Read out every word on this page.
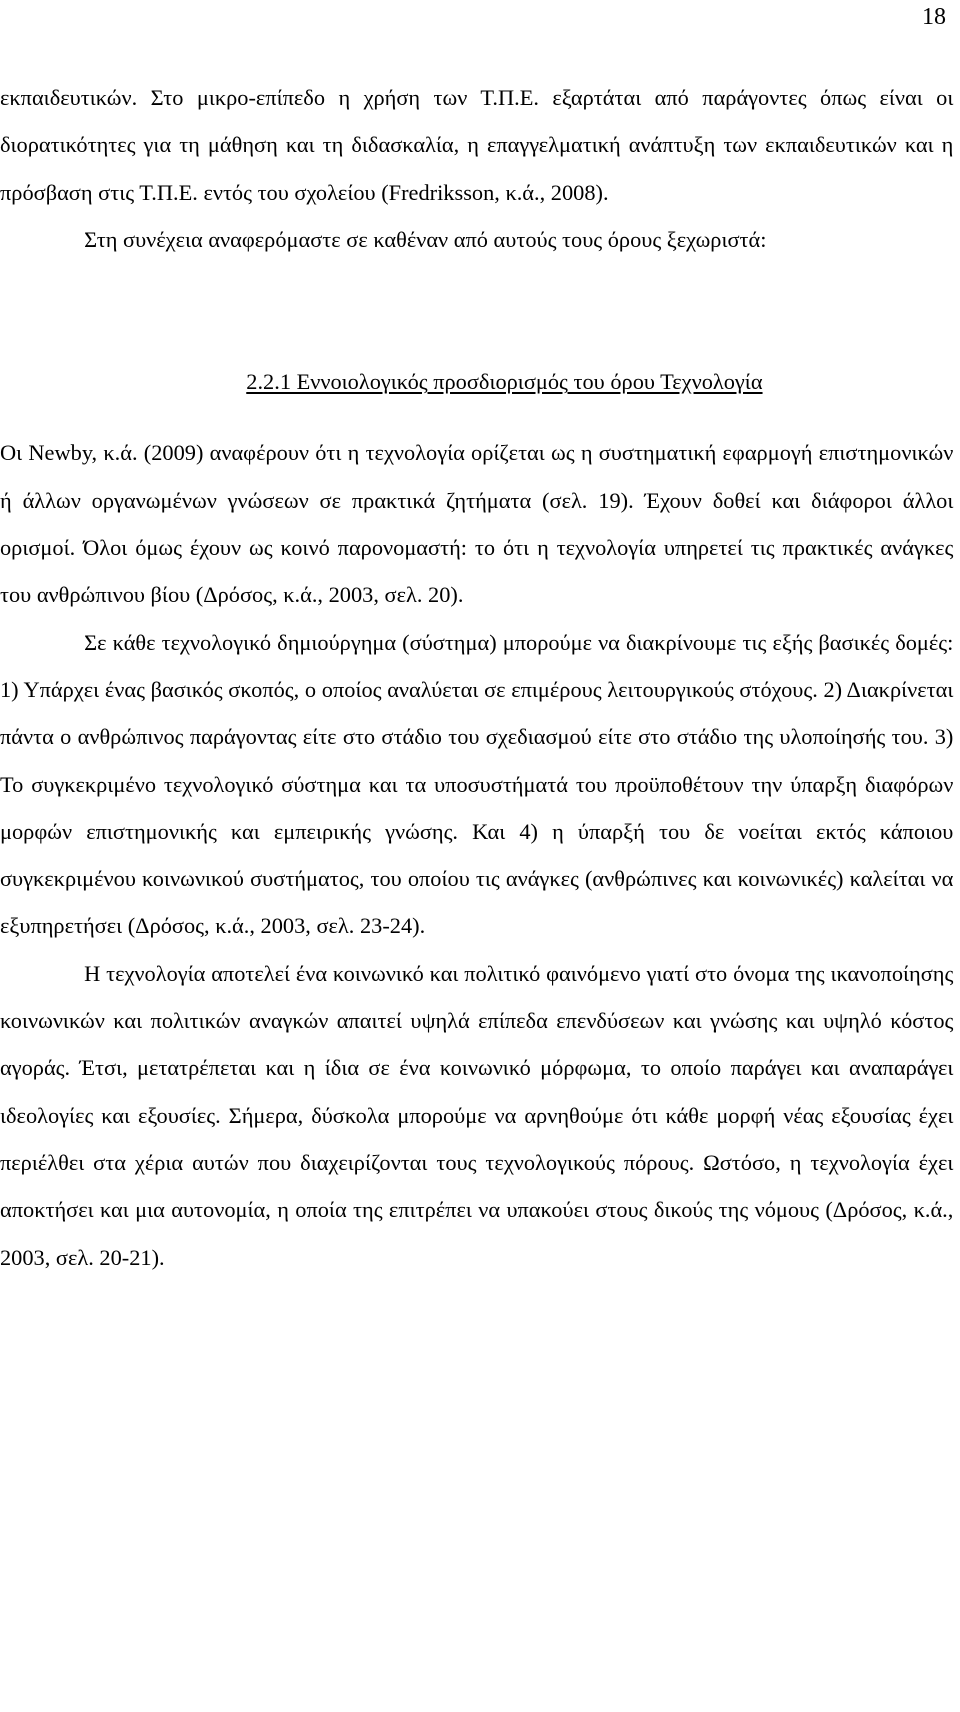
18

εκπαιδευτικών. Στο μικρο-επίπεδο η χρήση των Τ.Π.Ε. εξαρτάται από παράγοντες όπως είναι οι διορατικότητες για τη μάθηση και τη διδασκαλία, η επαγγελματική ανάπτυξη των εκπαιδευτικών και η πρόσβαση στις Τ.Π.Ε. εντός του σχολείου (Fredriksson, κ.ά., 2008).

Στη συνέχεια αναφερόμαστε σε καθέναν από αυτούς τους όρους ξεχωριστά:

2.2.1 Εννοιολογικός προσδιορισμός του όρου Τεχνολογία

Οι Newby, κ.ά. (2009) αναφέρουν ότι η τεχνολογία ορίζεται ως η συστηματική εφαρμογή επιστημονικών ή άλλων οργανωμένων γνώσεων σε πρακτικά ζητήματα (σελ. 19). Έχουν δοθεί και διάφοροι άλλοι ορισμοί. Όλοι όμως έχουν ως κοινό παρονομαστή: το ότι η τεχνολογία υπηρετεί τις πρακτικές ανάγκες του ανθρώπινου βίου (Δρόσος, κ.ά., 2003, σελ. 20).

Σε κάθε τεχνολογικό δημιούργημα (σύστημα) μπορούμε να διακρίνουμε τις εξής βασικές δομές: 1) Υπάρχει ένας βασικός σκοπός, ο οποίος αναλύεται σε επιμέρους λειτουργικούς στόχους. 2) Διακρίνεται πάντα ο ανθρώπινος παράγοντας είτε στο στάδιο του σχεδιασμού είτε στο στάδιο της υλοποίησής του. 3) Το συγκεκριμένο τεχνολογικό σύστημα και τα υποσυστήματά του προϋποθέτουν την ύπαρξη διαφόρων μορφών επιστημονικής και εμπειρικής γνώσης. Και 4) η ύπαρξή του δε νοείται εκτός κάποιου συγκεκριμένου κοινωνικού συστήματος, του οποίου τις ανάγκες (ανθρώπινες και κοινωνικές) καλείται να εξυπηρετήσει (Δρόσος, κ.ά., 2003, σελ. 23-24).

Η τεχνολογία αποτελεί ένα κοινωνικό και πολιτικό φαινόμενο γιατί στο όνομα της ικανοποίησης κοινωνικών και πολιτικών αναγκών απαιτεί υψηλά επίπεδα επενδύσεων και γνώσης και υψηλό κόστος αγοράς. Έτσι, μετατρέπεται και η ίδια σε ένα κοινωνικό μόρφωμα, το οποίο παράγει και αναπαράγει ιδεολογίες και εξουσίες. Σήμερα, δύσκολα μπορούμε να αρνηθούμε ότι κάθε μορφή νέας εξουσίας έχει περιέλθει στα χέρια αυτών που διαχειρίζονται τους τεχνολογικούς πόρους. Ωστόσο, η τεχνολογία έχει αποκτήσει και μια αυτονομία, η οποία της επιτρέπει να υπακούει στους δικούς της νόμους (Δρόσος, κ.ά., 2003, σελ. 20-21).
